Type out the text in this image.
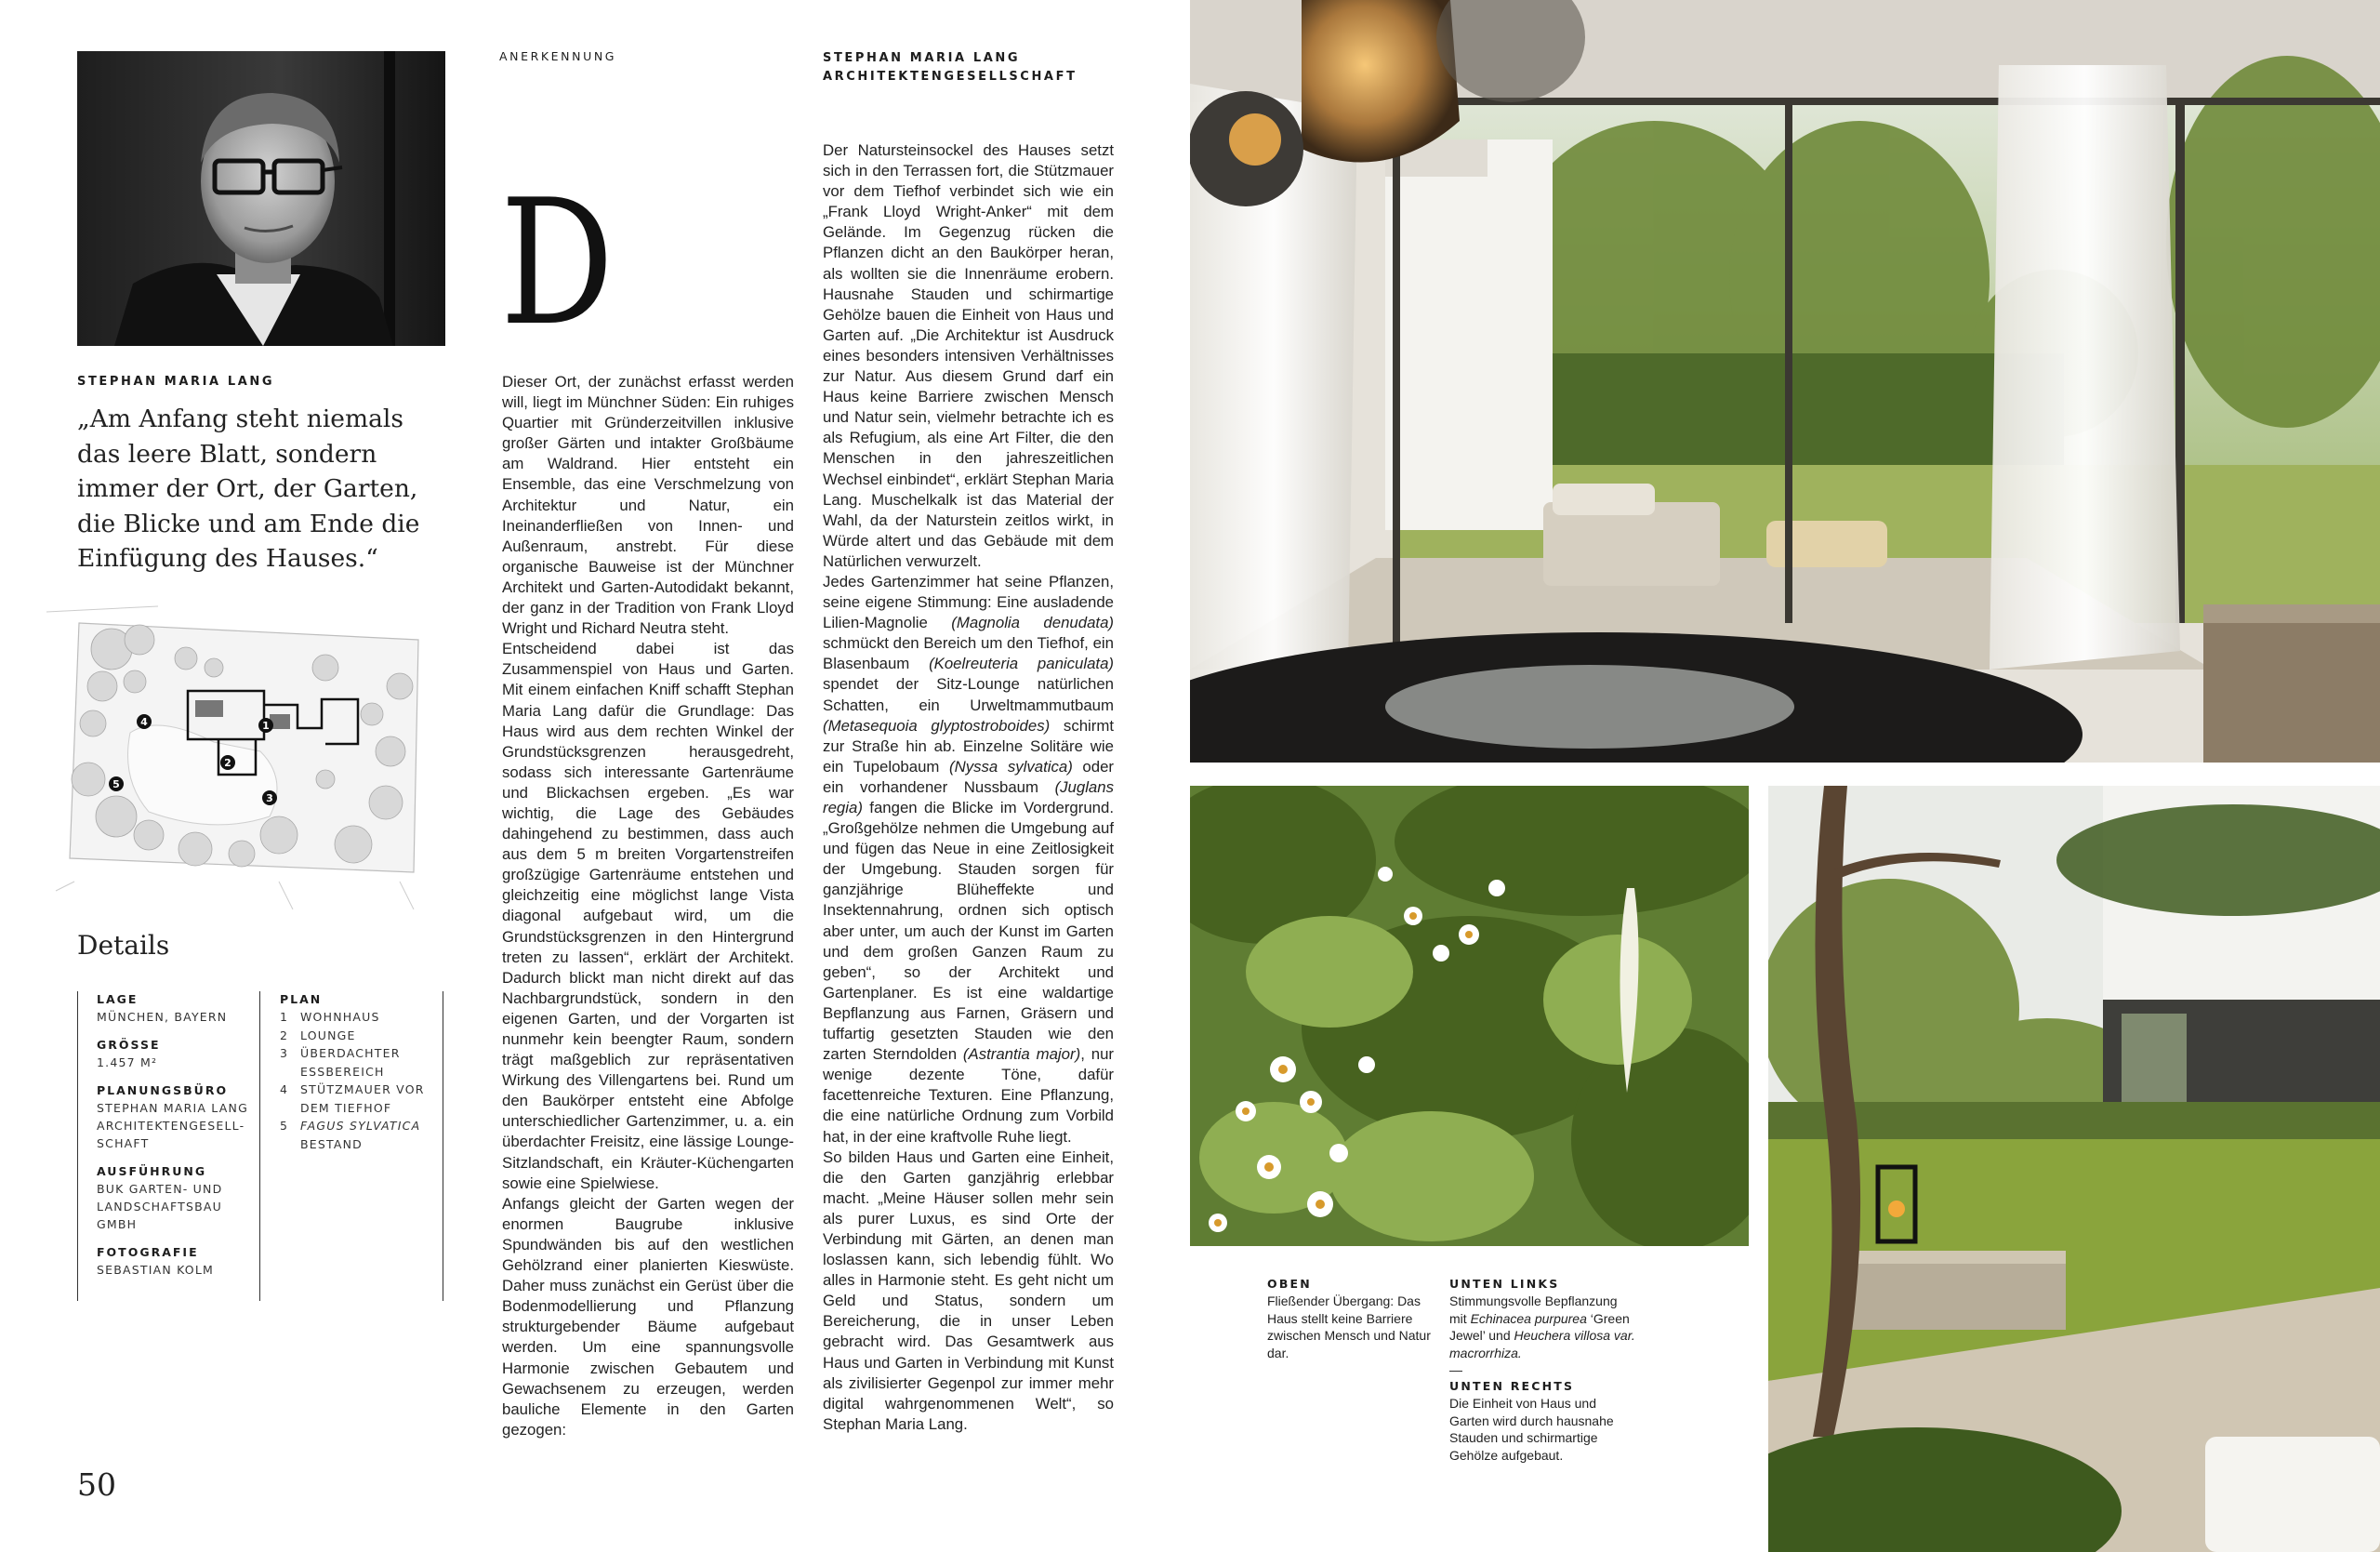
STEPHAN MARIA LANG
„Am Anfang steht niemals das leere Blatt, sondern immer der Ort, der Garten, die Blicke und am Ende die Einfügung des Hauses.“
1
2
3
4
5
Details
LAGE
MÜNCHEN, BAYERN
GRÖSSE
1.457 M²
PLANUNGSBÜRO
STEPHAN MARIA LANG ARCHITEKTENGESELL-SCHAFT
AUSFÜHRUNG
BUK GARTEN- UND LANDSCHAFTSBAU GMBH
FOTOGRAFIE
SEBASTIAN KOLM
PLAN
1	WOHNHAUS
2	LOUNGE
3	ÜBERDACHTER ESSBEREICH
4	STÜTZMAUER VOR DEM TIEFHOF
5	FAGUS SYLVATICA
BESTAND
50
ANERKENNUNG	STEPHAN MARIA LANG
ARCHITEKTENGESELLSCHAFT
D

Dieser Ort, der zunächst erfasst werden will, liegt im Münchner Süden: Ein ruhiges Quartier mit Gründerzeitvillen inklusive großer Gärten und intakter Großbäume am Waldrand. Hier entsteht ein Ensemble, das eine Verschmelzung von Architektur und Natur, ein Ineinanderfließen von Innen- und Außenraum, anstrebt. Für diese organische Bauweise ist der Münchner Architekt und Garten-Autodidakt bekannt, der ganz in der Tradition von Frank Lloyd Wright und Richard Neutra steht.

Entscheidend dabei ist das Zusammenspiel von Haus und Garten. Mit einem einfachen Kniff schafft Stephan Maria Lang dafür die Grundlage: Das Haus wird aus dem rechten Winkel der Grundstücksgrenzen herausgedreht, sodass sich interessante Gartenräume und Blickachsen ergeben. „Es war wichtig, die Lage des Gebäudes dahingehend zu bestimmen, dass auch aus dem 5 m breiten Vorgartenstreifen großzügige Gartenräume entstehen und gleichzeitig eine möglichst lange Vista diagonal aufgebaut wird, um die Grundstücksgrenzen in den Hintergrund treten zu lassen“, erklärt der Architekt. Dadurch blickt man nicht direkt auf das Nachbargrundstück, sondern in den eigenen Garten, und der Vorgarten ist nunmehr kein beengter Raum, sondern trägt maßgeblich zur repräsentativen Wirkung des Villengartens bei. Rund um den Baukörper entsteht eine Abfolge unterschiedlicher Gartenzimmer, u. a. ein überdachter Freisitz, eine lässige Lounge-Sitzlandschaft, ein Kräuter-Küchengarten sowie eine Spielwiese.

Anfangs gleicht der Garten wegen der enormen Baugrube inklusive Spundwänden bis auf den westlichen Gehölzrand einer planierten Kieswüste. Daher muss zunächst ein Gerüst über die Bodenmodellierung und Pflanzung strukturgebender Bäume aufgebaut werden. Um eine spannungsvolle Harmonie zwischen Gebautem und Gewachsenem zu erzeugen, werden bauliche Elemente in den Garten gezogen:

Der Natursteinsockel des Hauses setzt sich in den Terrassen fort, die Stützmauer vor dem Tiefhof verbindet sich wie ein „Frank Lloyd Wright-Anker“ mit dem Gelände. Im Gegenzug rücken die Pflanzen dicht an den Baukörper heran, als wollten sie die Innenräume erobern. Hausnahe Stauden und schirmartige Gehölze bauen die Einheit von Haus und Garten auf. „Die Architektur ist Ausdruck eines besonders intensiven Verhältnisses zur Natur. Aus diesem Grund darf ein Haus keine Barriere zwischen Mensch und Natur sein, vielmehr betrachte ich es als Refugium, als eine Art Filter, die den Menschen in den jahreszeitlichen Wechsel einbindet“, erklärt Stephan Maria Lang. Muschelkalk ist das Material der Wahl, da der Naturstein zeitlos wirkt, in Würde altert und das Gebäude mit dem Natürlichen verwurzelt.

Jedes Gartenzimmer hat seine Pflanzen, seine eigene Stimmung: Eine ausladende Lilien-Magnolie (Magnolia denudata) schmückt den Bereich um den Tiefhof, ein Blasenbaum (Koelreuteria paniculata) spendet der Sitz-Lounge natürlichen Schatten, ein Urweltmammutbaum (Metasequoia glyptostroboides) schirmt zur Straße hin ab. Einzelne Solitäre wie ein Tupelobaum (Nyssa sylvatica) oder ein vorhandener Nussbaum (Juglans regia) fangen die Blicke im Vordergrund. „Großgehölze nehmen die Umgebung auf und fügen das Neue in eine Zeitlosigkeit der Umgebung. Stauden sorgen für ganzjährige Blüheffekte und Insektennahrung, ordnen sich optisch aber unter, um auch der Kunst im Garten und dem großen Ganzen Raum zu geben“, so der Architekt und Gartenplaner. Es ist eine waldartige Bepflanzung aus Farnen, Gräsern und tuffartig gesetzten Stauden wie den zarten Sterndolden (Astrantia major), nur wenige dezente Töne, dafür facettenreiche Texturen. Eine Pflanzung, die eine natürliche Ordnung zum Vorbild hat, in der eine kraftvolle Ruhe liegt.

So bilden Haus und Garten eine Einheit, die den Garten ganzjährig erlebbar macht. „Meine Häuser sollen mehr sein als purer Luxus, es sind Orte der Verbindung mit Gärten, an denen man loslassen kann, sich lebendig fühlt. Wo alles in Harmonie steht. Es geht nicht um Geld und Status, sondern um Bereicherung, die in unser Leben gebracht wird. Das Gesamtwerk aus Haus und Garten in Verbindung mit Kunst als zivilisierter Gegenpol zur immer mehr digital wahrgenommenen Welt“, so Stephan Maria Lang.

OBEN
Fließender Übergang: Das Haus stellt keine Barriere zwischen Mensch und Natur dar.
UNTEN LINKS
Stimmungsvolle Bepflanzung mit Echinacea purpurea ‘Green Jewel’ und Heuchera villosa var. macrorrhiza.
—
UNTEN RECHTS
Die Einheit von Haus und Garten wird durch hausnahe Stauden und schirmartige Gehölze aufgebaut.
